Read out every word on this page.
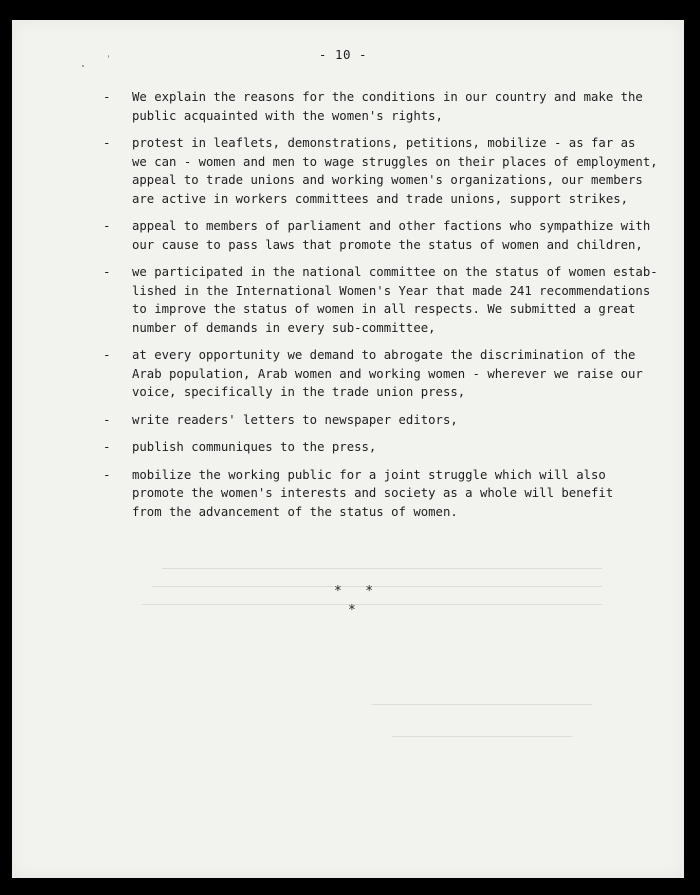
- 10 -
-	We explain the reasons for the conditions in our country and make the
public acquainted with the women's rights,
-	protest in leaflets, demonstrations, petitions, mobilize - as far as
we can - women and men to wage struggles on their places of employment,
appeal to trade unions and working women's organizations, our members
are active in workers committees and trade unions, support strikes,
-	appeal to members of parliament and other factions who sympathize with
our cause to pass laws that promote the status of women and children,
-	we participated in the national committee on the status of women estab-
lished in the International Women's Year that made 241 recommendations
to improve the status of women in all respects. We submitted a great
number of demands in every sub-committee,
-	at every opportunity we demand to abrogate the discrimination of the
Arab population, Arab women and working women - wherever we raise our
voice, specifically in the trade union press,
-	write readers' letters to newspaper editors,
-	publish communiques to the press,
-	mobilize the working public for a joint struggle which will also
promote the women's interests and society as a whole will benefit
from the advancement of the status of women.
*   *
*
